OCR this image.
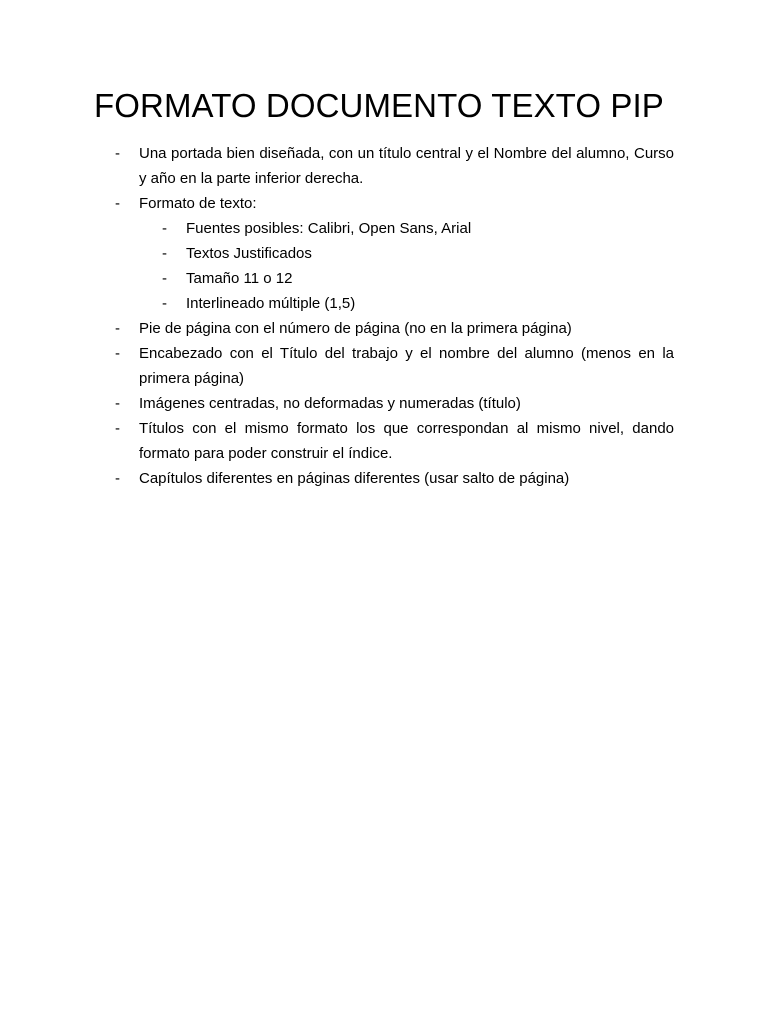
FORMATO DOCUMENTO TEXTO PIP
-	Una portada bien diseñada, con un título central y el Nombre del alumno, Curso y año en la parte inferior derecha.
-	Formato de texto:
-	Fuentes posibles: Calibri, Open Sans, Arial
-	Textos Justificados
-	Tamaño 11 o 12
-	Interlineado múltiple (1,5)
-	Pie de página con el número de página (no en la primera página)
-	Encabezado con el Título del trabajo y el nombre del alumno (menos en la primera página)
-	Imágenes centradas, no deformadas y numeradas (título)
-	Títulos con el mismo formato los que correspondan al mismo nivel, dando formato para poder construir el índice.
-	Capítulos diferentes en páginas diferentes (usar salto de página)
